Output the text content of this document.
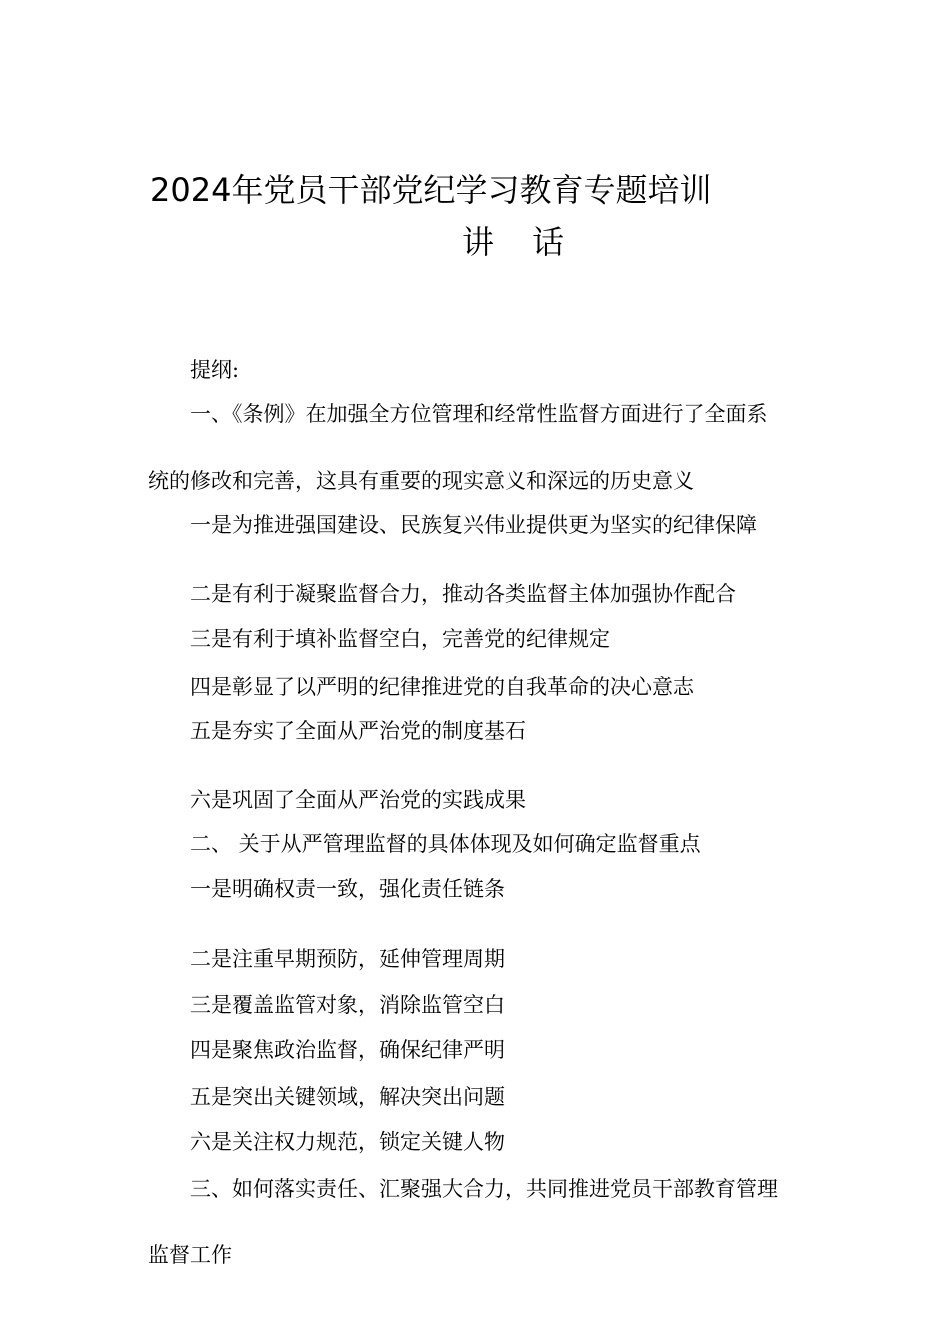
2024年党员干部党纪学习教育专题培训
讲 话
提纲:
一、《条例》在加强全方位管理和经常性监督方面进行了全面系
统的修改和完善，这具有重要的现实意义和深远的历史意义
一是为推进强国建设、民族复兴伟业提供更为坚实的纪律保障
二是有利于凝聚监督合力，推动各类监督主体加强协作配合
三是有利于填补监督空白，完善党的纪律规定
四是彰显了以严明的纪律推进党的自我革命的决心意志
五是夯实了全面从严治党的制度基石
六是巩固了全面从严治党的实践成果
二、 关于从严管理监督的具体体现及如何确定监督重点
一是明确权责一致，强化责任链条
二是注重早期预防，延伸管理周期
三是覆盖监管对象，消除监管空白
四是聚焦政治监督，确保纪律严明
五是突出关键领域，解决突出问题
六是关注权力规范，锁定关键人物
三、如何落实责任、汇聚强大合力，共同推进党员干部教育管理
监督工作
